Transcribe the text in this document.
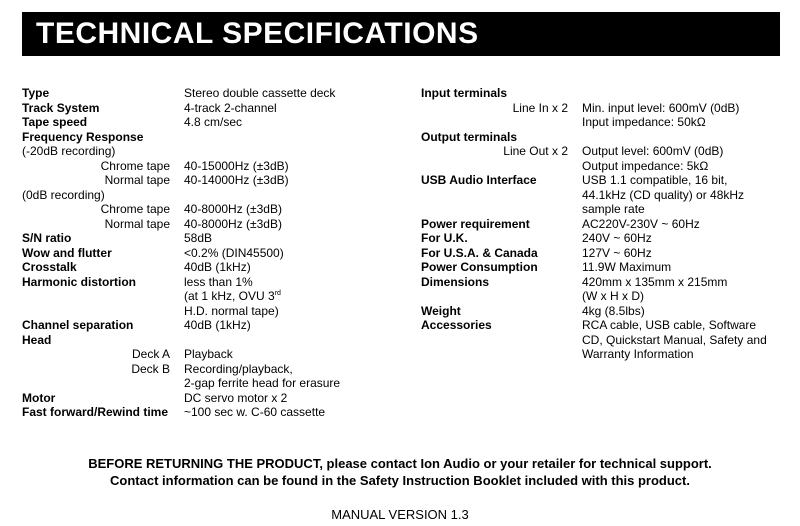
TECHNICAL SPECIFICATIONS
Type	Stereo double cassette deck
Track System	4-track 2-channel
Tape speed	4.8 cm/sec
Frequency Response

(-20dB recording)

Chrome tape 40-15000Hz (±3dB)
Normal tape 40-14000Hz (±3dB)
(0dB recording)

Chrome tape 40-8000Hz (±3dB)
Normal tape 40-8000Hz (±3dB)
S/N ratio	58dB
Wow and flutter	<0.2% (DIN45500)
Crosstalk	40dB (1kHz)
Harmonic distortion	less than 1%
(at 1 kHz, OVU 3rd
H.D. normal tape)
Channel separation	40dB (1kHz)
Head

Deck A Playback
Deck B Recording/playback,
2-gap ferrite head for erasure
Motor	DC servo motor x 2
Fast forward/Rewind time ~100 sec w. C-60 cassette
Input terminals

Line In x 2 Min. input level: 600mV (0dB)
Input impedance: 50kΩ
Output terminals

Line Out x 2 Output level: 600mV (0dB)
Output impedance: 5kΩ
USB Audio Interface	USB 1.1 compatible, 16 bit,
44.1kHz (CD quality) or 48kHz
sample rate
Power requirement	AC220V-230V ~ 60Hz
For U.K.	240V ~ 60Hz
For U.S.A. & Canada	127V ~ 60Hz
Power Consumption	11.9W Maximum
Dimensions	420mm x 135mm x 215mm
(W x H x D)
Weight	4kg (8.5lbs)
Accessories	RCA cable, USB cable, Software
CD, Quickstart Manual, Safety and
Warranty Information
BEFORE RETURNING THE PRODUCT, please contact Ion Audio or your retailer for technical support.
Contact information can be found in the Safety Instruction Booklet included with this product.
MANUAL VERSION 1.3
